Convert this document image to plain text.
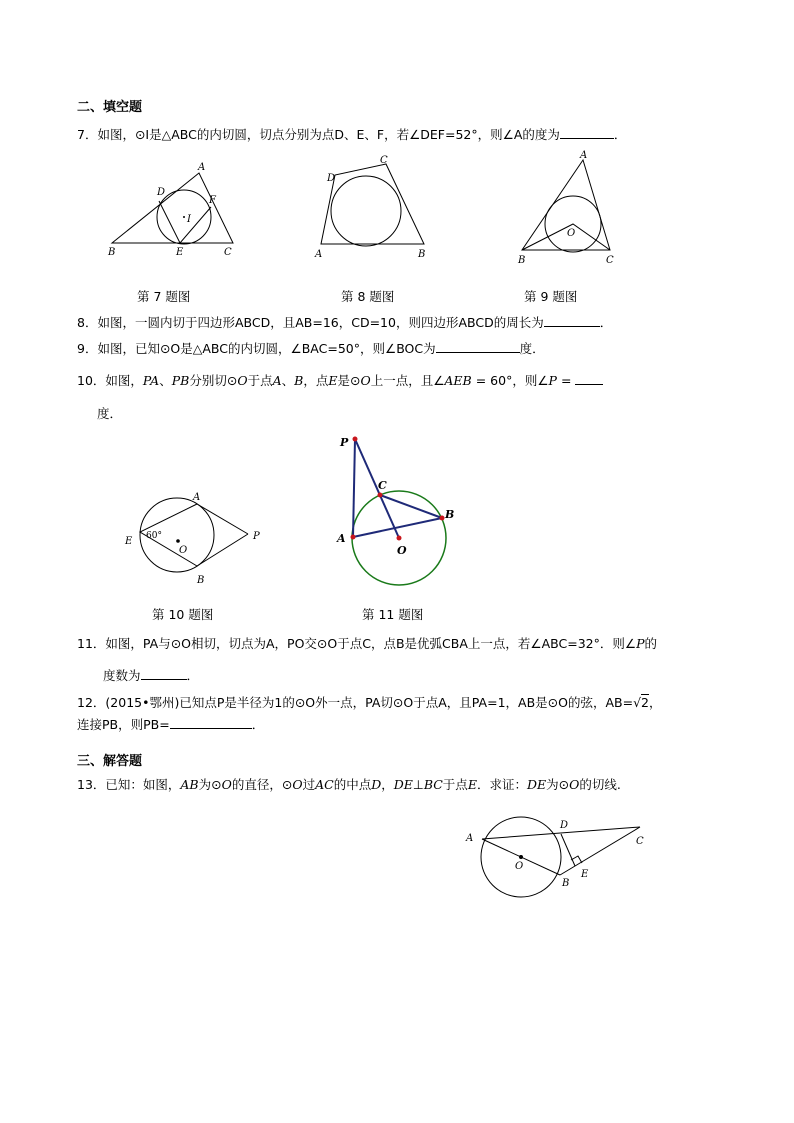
二、填空题
7．如图，⊙I是△ABC的内切圆，切点分别为点D、E、F，若∠DEF=52°，则∠A的度为	．
A
D
F
I
B	E	C
第 7 题图
C
D
A	B
第 8 题图
A
O
B	C
第 9 题图
8．如图，一圆内切于四边形ABCD，且AB=16，CD=10，则四边形ABCD的周长为	．
9．如图，已知⊙O是△ABC的内切圆，∠BAC=50°，则∠BOC为	度．
10．如图，PA、PB分别切⊙O于点A、B，点E是⊙O上一点，且∠AEB = 60°，则∠P =
度．
A
60°
E
O
P
B
第 10 题图
P
C
B
A
O
第 11 题图
11．如图，PA与⊙O相切，切点为A，PO交⊙O于点C，点B是优弧CBA上一点，若∠ABC=32°．则∠P的
度数为	．
12．(2015•鄂州)已知点P是半径为1的⊙O外一点，PA切⊙O于点A，且PA=1，AB是⊙O的弦，AB=√2，
连接PB，则PB=	．
三、解答题
13．已知：如图，AB为⊙O的直径，⊙O过AC的中点D，DE⊥BC于点E．求证：DE为⊙O的切线.
A
D
C
O
E
B
